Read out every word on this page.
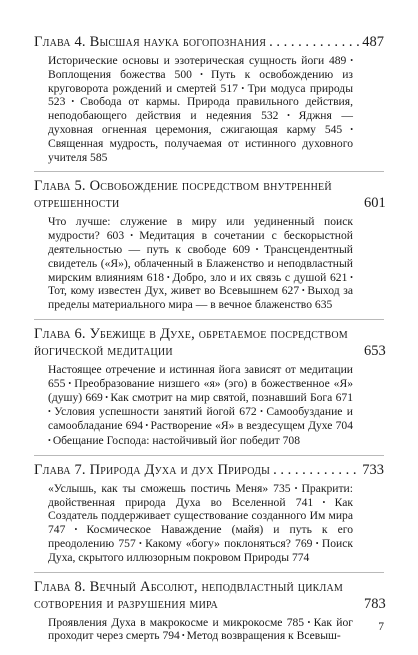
Глава 4. Высшая наука богопознания . . .	487
Исторические основы и эзотерическая сущность йоги 489 • Воплощения божества 500 • Путь к освобождению из круговорота рождений и смертей 517 • Три модуса природы 523 • Свобода от кармы. Природа правильного действия, неподобающего действия и недеяния 532 • Яджня — духовная огненная церемония, сжигающая карму 545 • Священная мудрость, получаемая от истинного духовного учителя 585
Глава 5. Освобождение посредством внутренней отрешенности	601
Что лучше: служение в миру или уединенный поиск мудрости? 603 • Медитация в сочетании с бескорыстной деятельностью — путь к свободе 609 • Трансцендентный свидетель («Я»), облаченный в Блаженство и неподвластный мирским влияниям 618 • Добро, зло и их связь с душой 621 • Тот, кому известен Дух, живет во Всевышнем 627 • Выход за пределы материального мира — в вечное блаженство 635
Глава 6. Убежище в Духе, обретаемое посредством йогической медитации	653
Настоящее отречение и истинная йога зависят от медитации 655 • Преобразование низшего «я» (эго) в божественное «Я» (душу) 669 • Как смотрит на мир святой, познавший Бога 671 • Условия успешности занятий йогой 672 • Самообуздание и самообладание 694 • Растворение «Я» в вездесущем Духе 704 • Обещание Господа: настойчивый йог победит 708
Глава 7. Природа Духа и дух Природы . . .	733
«Услышь, как ты сможешь постичь Меня» 735 • Пракрити: двойственная природа Духа во Вселенной 741 • Как Создатель поддерживает существование созданного Им мира 747 • Космическое Наваждение (майя) и путь к его преодолению 757 • Какому «богу» поклоняться? 769 • Поиск Духа, скрытого иллюзорным покровом Природы 774
Глава 8. Вечный Абсолют, неподвластный циклам сотворения и разрушения мира	783
Проявления Духа в макрокосме и микрокосме 785 • Как йог проходит через смерть 794 • Метод возвращения к Всевыш-
7
